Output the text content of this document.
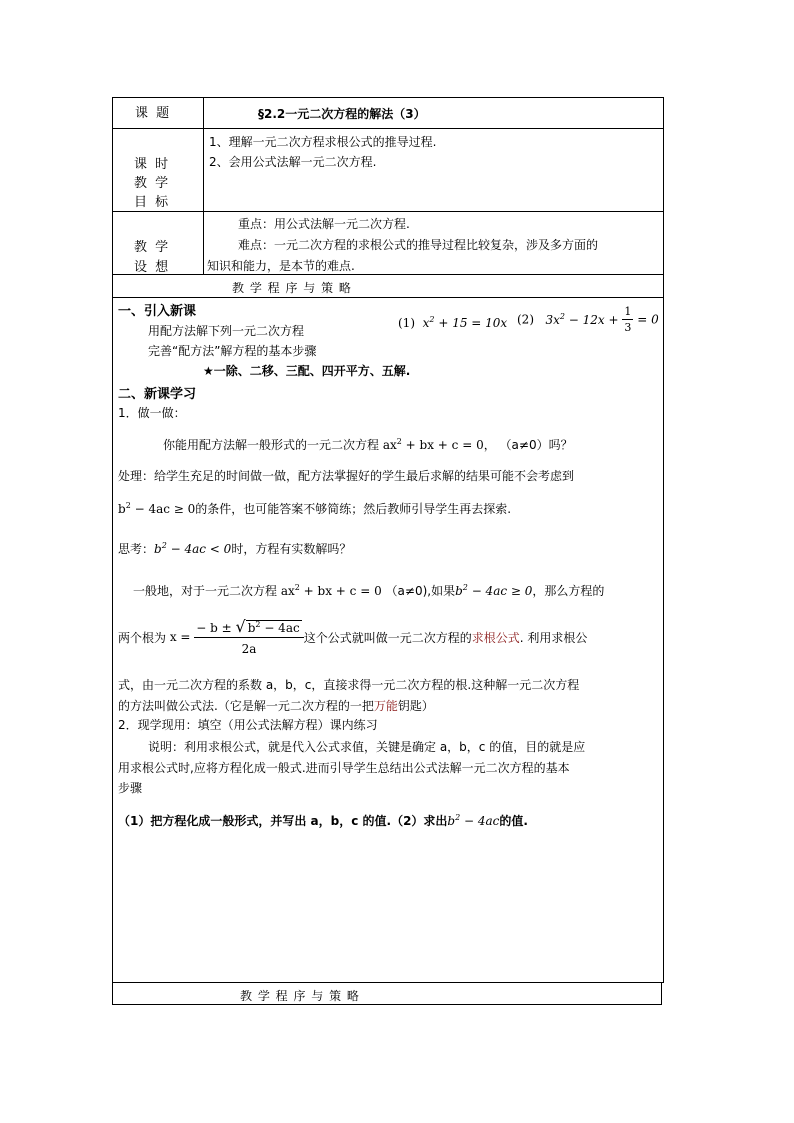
课 题	§2.2一元二次方程的解法（3）
课 时
教 学
目 标
1、理解一元二次方程求根公式的推导过程.
2、会用公式法解一元二次方程.
教 学
设 想
重点：用公式法解一元二次方程.
难点：一元二次方程的求根公式的推导过程比较复杂，涉及多方面的
知识和能力，是本节的难点.
教 学 程 序 与 策 略
一、引入新课
用配方法解下列一元二次方程
(1)  $x^2 + 15 = 10x$ (2)   $3x^2 - 12x + \frac{1}{3} = 0$
完善“配方法”解方程的基本步骤
★一除、二移、三配、四开平方、五解.
二、新课学习
1．做一做：
你能用配方法解一般形式的一元二次方程 $ax^2$ + bx + c = 0， （a≠0）吗？
处理：给学生充足的时间做一做，配方法掌握好的学生最后求解的结果可能不会考虑到
$b^2 - 4ac \ge 0$的条件，也可能答案不够简练；然后教师引导学生再去探索.
思考：$b^2 - 4ac < 0$时，方程有实数解吗？
一般地，对于一元二次方程 $ax^2$ + bx + c = 0 （a≠0),如果$b^2 - 4ac \ge 0$，那么方程的
两个根为 $x = \frac{- b \pm √ b^2 - 4ac}{2a}$ 这个公式就叫做一元二次方程的 求根公式 . 利用求根公
式，由一元二次方程的系数 a，b，c，直接求得一元二次方程的根.这种解一元二次方程
的方法叫做公式法.（它是解一元二次方程的一把万能钥匙）
2．现学现用：填空（用公式法解方程）课内练习
说明：利用求根公式，就是代入公式求值，关键是确定 a，b，c 的值，目的就是应
用求根公式时,应将方程化成一般式.进而引导学生总结出公式法解一元二次方程的基本
步骤
（1）把方程化成一般形式，并写出 a，b，c 的值.（2）求出$b^2 - 4ac$的值.
教 学 程 序 与 策 略
